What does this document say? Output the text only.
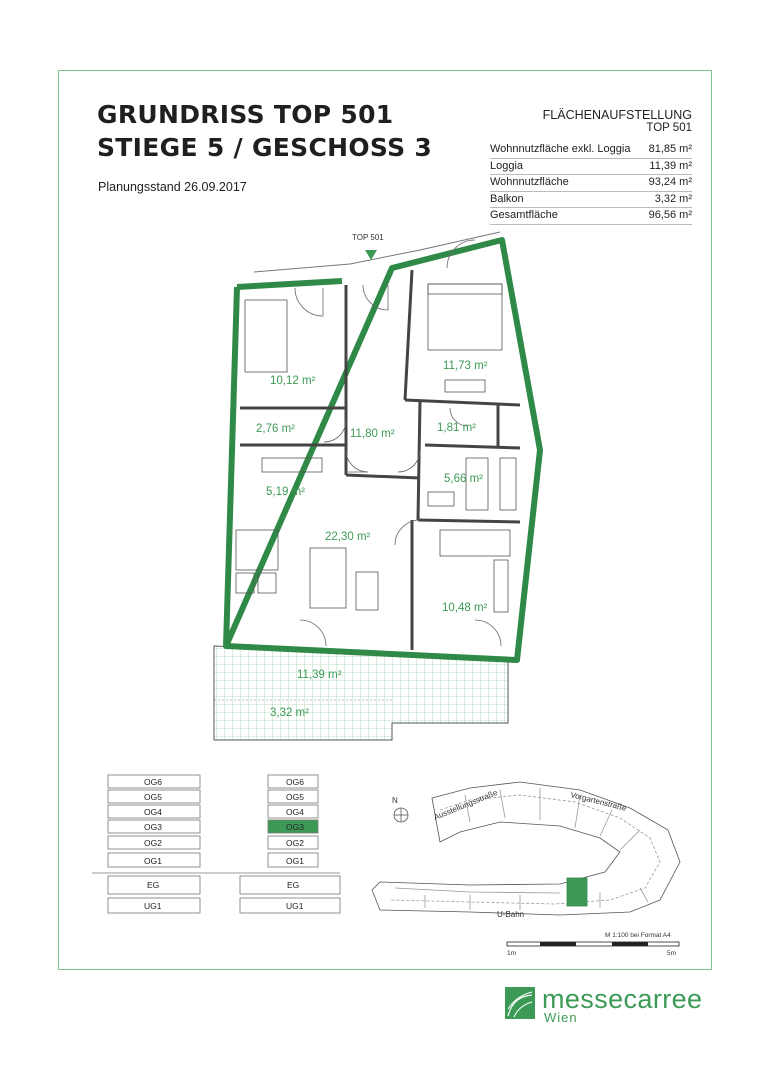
GRUNDRISS TOP 501
STIEGE 5 / GESCHOSS 3
Planungsstand 26.09.2017
FLÄCHENAUFSTELLUNG
TOP 501
Wohnnutzfläche exkl. Loggia 81,85 m²
Loggia	11,39 m²
Wohnnutzfläche	93,24 m²
Balkon	3,32 m²
Gesamtfläche	96,56 m²
TOP 501
10,12 m²
11,73 m²
2,76 m²	11,80 m²	1,81 m²
5,19 m²
5,66 m²
22,30 m²
10,48 m²
11,39 m²
3,32 m²
OG6
OG5
OG4
OG3
OG2
OG1
EG
UG1
OG6
OG5
OG4
OG3
OG2
OG1
EG
UG1
N	Ausstellungsstraße	Vorgartenstraße
U-Bahn
M 1:100 bei Format A4
1m	5m
messecarree
Wien
